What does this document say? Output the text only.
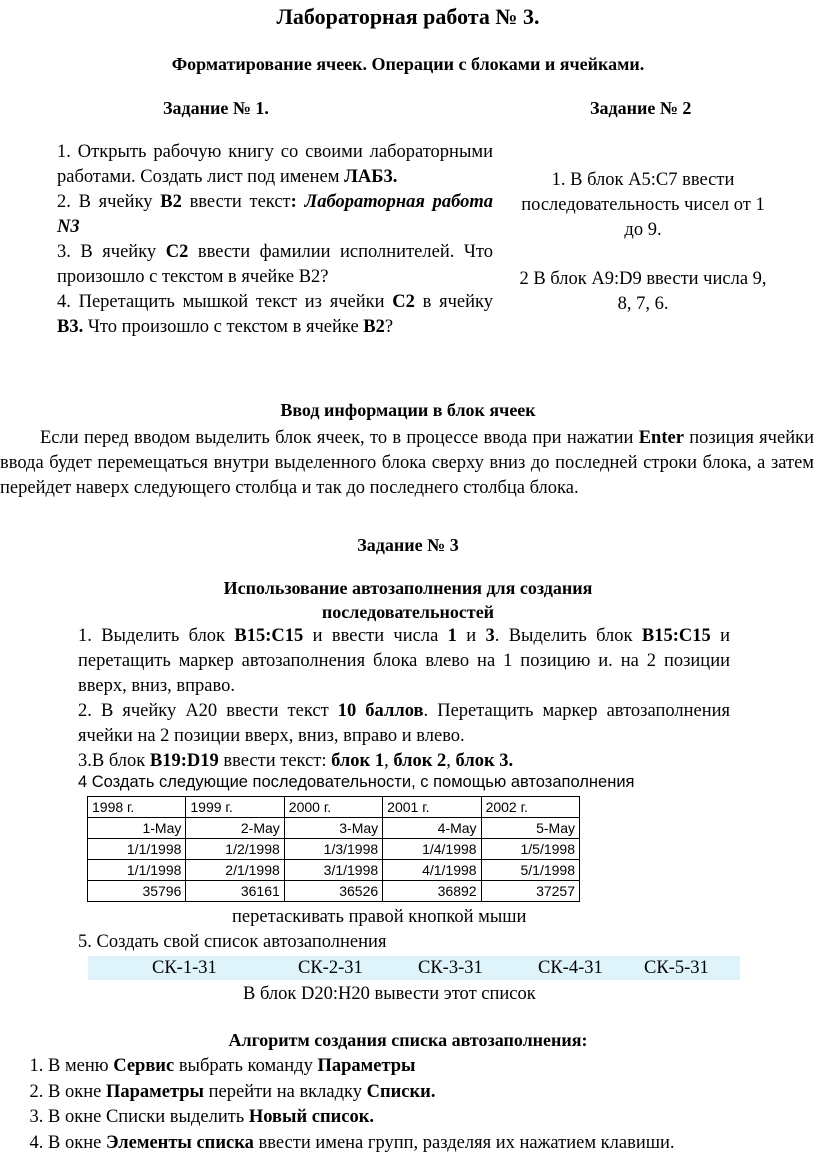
Лабораторная работа № 3.
Форматирование ячеек. Операции с блоками и ячейками.
Задание № 1.

1. Открыть рабочую книгу со своими лабораторными работами. Создать лист под именем ЛАБ3.

2. В ячейку В2 ввести текст: Лабораторная работа N3

3. В ячейку С2 ввести фамилии исполнителей. Что произошло с текстом в ячейке В2?

4. Перетащить мышкой текст из ячейки С2 в ячейку В3. Что произошло с текстом в ячейке В2?

Задание № 2

1. В блок А5:С7 ввести последовательность чисел от 1 до 9.

2 В блок А9:D9 ввести числа 9, 8, 7, 6.

Ввод информации в блок ячеек
Если перед вводом выделить блок ячеек, то в процессе ввода при нажатии Enter позиция ячейки ввода будет перемещаться внутри выделенного блока сверху вниз до последней строки блока, а затем перейдет наверх следующего столбца и так до последнего столбца блока.
Задание № 3
Использование автозаполнения для создания последовательностей

1. Выделить блок В15:С15 и ввести числа 1 и 3. Выделить блок В15:С15 и перетащить маркер автозаполнения блока влево на 1 позицию и. на 2 позиции вверх, вниз, вправо.

2. В ячейку А20 ввести текст 10 баллов. Перетащить маркер автозаполнения ячейки на 2 позиции вверх, вниз, вправо и влево.

3.В блок В19:D19 ввести текст: блок 1, блок 2, блок 3.

4 Создать следующие последовательности, с помощью автозаполнения
1998 г.	1999 г.	2000 г.	2001 г.	2002 г.
1-May	2-May	3-May	4-May	5-May
1/1/1998	1/2/1998	1/3/1998	1/4/1998	1/5/1998
1/1/1998	2/1/1998	3/1/1998	4/1/1998	5/1/1998
35796	36161	36526	36892	37257
перетаскивать правой кнопкой мыши
5. Создать свой список автозаполнения
СК-1-31	СК-2-31	СК-3-31	СК-4-31 СК-5-31
В блок D20:H20 вывести этот список
Алгоритм создания списка автозаполнения:
1. В меню Сервис выбрать команду Параметры
2. В окне Параметры перейти на вкладку Списки.
3. В окне Списки выделить Новый список.
4. В окне Элементы списка ввести имена групп, разделяя их нажатием клавиши.
